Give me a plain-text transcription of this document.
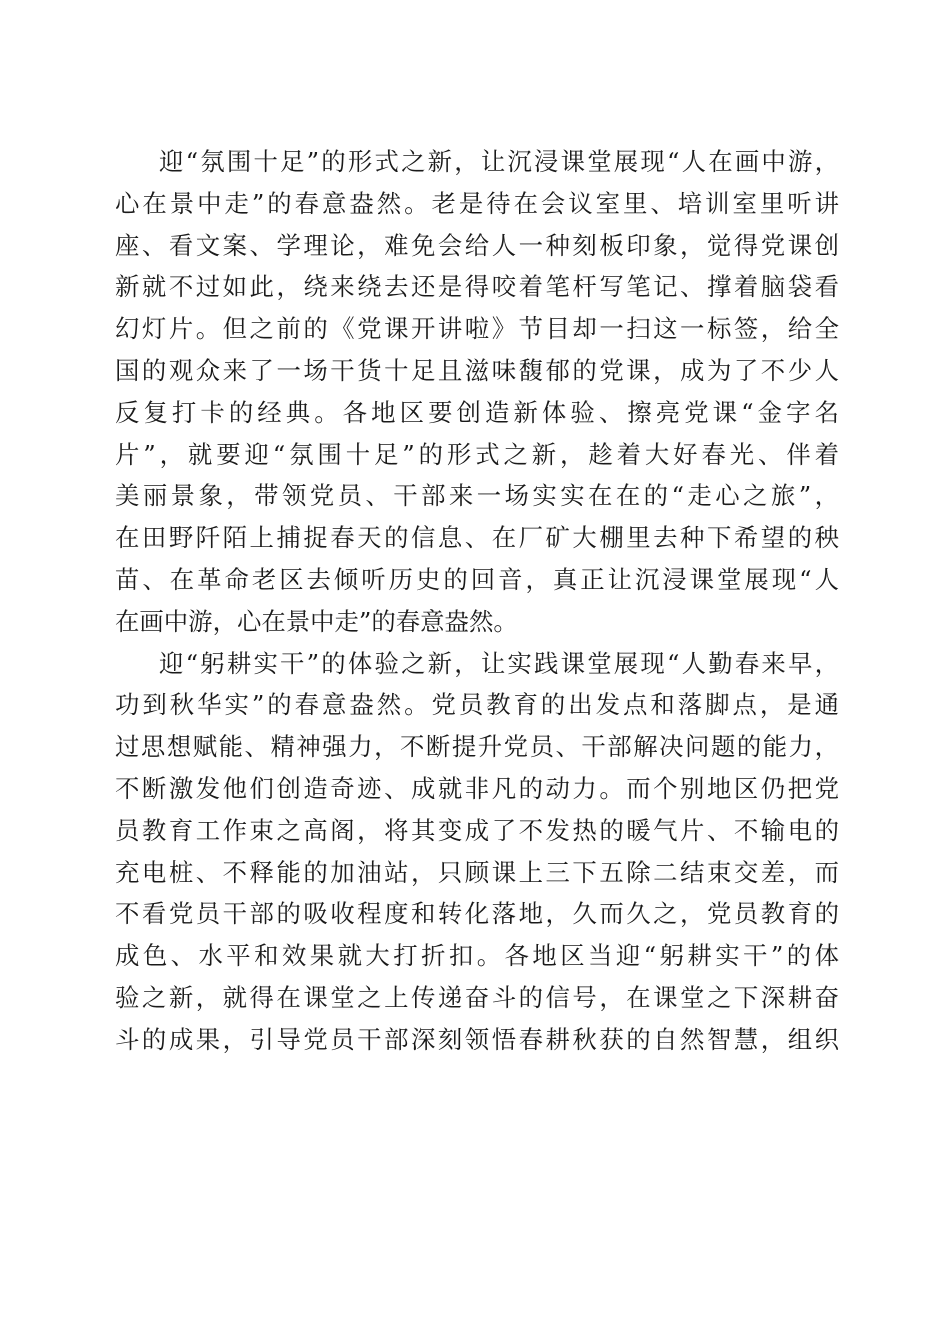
迎“氛围十足”的形式之新，让沉浸课堂展现“人在画中游，
心在景中走”的春意盎然。老是待在会议室里、培训室里听讲
座、看文案、学理论，难免会给人一种刻板印象，觉得党课创
新就不过如此，绕来绕去还是得咬着笔杆写笔记、撑着脑袋看
幻灯片。但之前的《党课开讲啦》节目却一扫这一标签，给全
国的观众来了一场干货十足且滋味馥郁的党课，成为了不少人
反复打卡的经典。各地区要创造新体验、擦亮党课“金字名
片”，就要迎“氛围十足”的形式之新，趁着大好春光、伴着
美丽景象，带领党员、干部来一场实实在在的“走心之旅”，
在田野阡陌上捕捉春天的信息、在厂矿大棚里去种下希望的秧
苗、在革命老区去倾听历史的回音，真正让沉浸课堂展现“人
在画中游，心在景中走”的春意盎然。
迎“躬耕实干”的体验之新，让实践课堂展现“人勤春来早，
功到秋华实”的春意盎然。党员教育的出发点和落脚点，是通
过思想赋能、精神强力，不断提升党员、干部解决问题的能力，
不断激发他们创造奇迹、成就非凡的动力。而个别地区仍把党
员教育工作束之高阁，将其变成了不发热的暖气片、不输电的
充电桩、不释能的加油站，只顾课上三下五除二结束交差，而
不看党员干部的吸收程度和转化落地，久而久之，党员教育的
成色、水平和效果就大打折扣。各地区当迎“躬耕实干”的体
验之新，就得在课堂之上传递奋斗的信号，在课堂之下深耕奋
斗的成果，引导党员干部深刻领悟春耕秋获的自然智慧，组织
